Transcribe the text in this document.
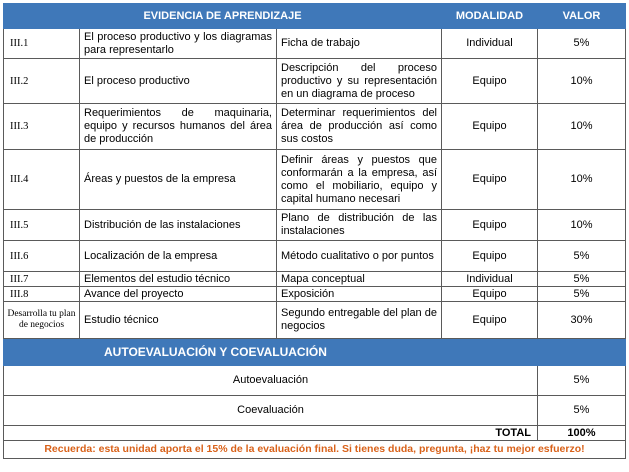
EVIDENCIA DE APRENDIZAJE			MODALIDAD	VALOR
III.1	El proceso productivo y los diagramas para representarlo	Ficha de trabajo	Individual	5%
III.2	El proceso productivo	Descripción del proceso productivo y su representación en un diagrama de proceso	Equipo	10%
III.3	Requerimientos de maquinaria, equipo y recursos humanos del área de producción	Determinar requerimientos del área de producción así como sus costos	Equipo	10%
III.4	Áreas y puestos de la empresa	Definir áreas y puestos que conformarán a la empresa, así como el mobiliario, equipo y capital humano necesari	Equipo	10%
III.5	Distribución de las instalaciones	Plano de distribución de las instalaciones	Equipo	10%
III.6	Localización de la empresa	Método cualitativo o por puntos	Equipo	5%
III.7	Elementos del estudio técnico	Mapa conceptual	Individual	5%
III.8	Avance del proyecto	Exposición	Equipo	5%
Desarrolla tu plan de negocios	Estudio técnico	Segundo entregable del plan de negocios	Equipo	30%
AUTOEVALUACIÓN Y COEVALUACIÓN				
Autoevaluación				5%
Coevaluación				5%
TOTAL				100%
Recuerda: esta unidad aporta el 15% de la evaluación final. Si tienes duda, pregunta, ¡haz tu mejor esfuerzo!				
